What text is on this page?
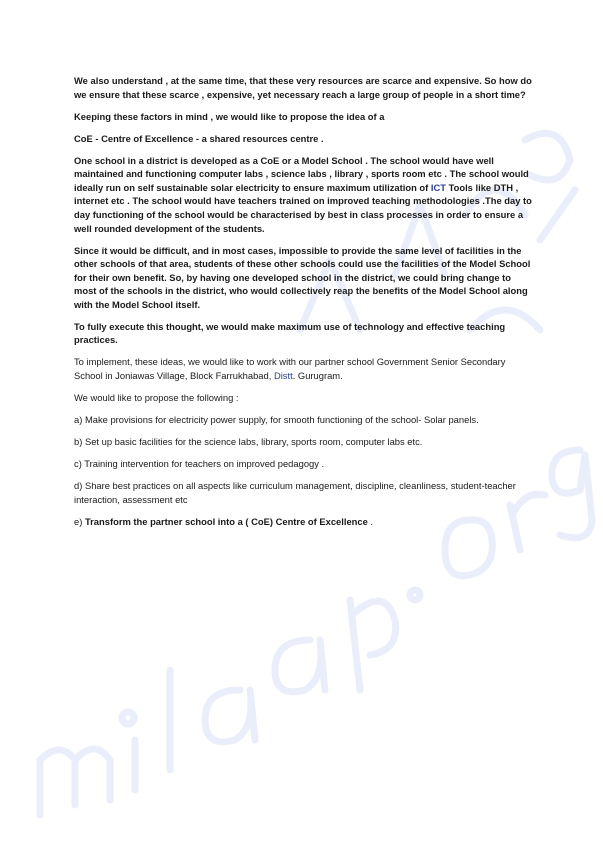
We also understand , at the same time, that these very resources are scarce and expensive. So how do we ensure that these scarce , expensive, yet necessary reach a large group of people in a short time?

Keeping these factors in mind , we would like to propose the idea of a

CoE - Centre of Excellence - a shared resources centre .

One school in a district is developed as a CoE or a Model School . The school would have well maintained and functioning computer labs , science labs , library , sports room etc . The school would ideally run on self sustainable solar electricity to ensure maximum utilization of ICT Tools like DTH , internet etc . The school would have teachers trained on improved teaching methodologies .The day to day functioning of the school would be characterised by best in class processes in order to ensure a well rounded development of the students.

Since it would be difficult, and in most cases, impossible to provide the same level of facilities in the other schools of that area, students of these other schools could use the facilities of the Model School for their own benefit. So, by having one developed school in the district, we could bring change to most of the schools in the district, who would collectively reap the benefits of the Model School along with the Model School itself.

To fully execute this thought, we would make maximum use of technology and effective teaching practices.

To implement, these ideas, we would like to work with our partner school Government Senior Secondary School in Joniawas Village, Block Farrukhabad, Distt. Gurugram.

We would like to propose the following :

a) Make provisions for electricity power supply, for smooth functioning of the school- Solar panels.

b) Set up basic facilities for the science labs, library, sports room, computer labs etc.

c) Training intervention for teachers on improved pedagogy .

d) Share best practices on all aspects like curriculum management, discipline, cleanliness, student-teacher interaction, assessment etc

e) Transform the partner school into a ( CoE) Centre of Excellence .
